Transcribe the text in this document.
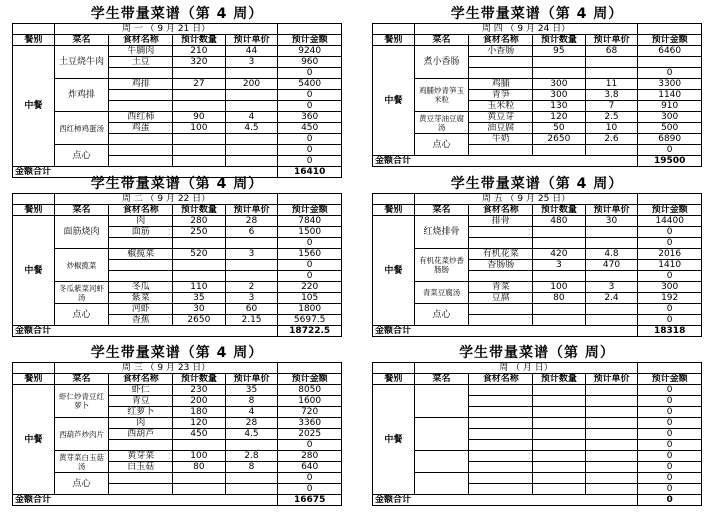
学生带量菜谱（第 4 周）
	周 一 （ 9 月 21 日）				
餐别	菜名	食材名称	预计数量	预计单价	预计金额
中餐	土豆烧牛肉	牛腩肉	210	44	9240
		土豆	320	3	960
					0
	炸鸡排	鸡排	27	200	5400
					0
					0
	西红柿鸡蛋汤	西红柿	90	4	360
		鸡蛋	100	4.5	450
					0
	点心				0
					0
金额合计					16410
学生带量菜谱（第 4 周）
	周 四 （ 9 月 24 日）				
餐别	菜名	食材名称	预计数量	预计单价	预计金额
中餐	煮小香肠	小香肠	95	68	6460

					0
	鸡脯炒青笋玉米粒	鸡脯	300	11	3300
		青笋	300	3.8	1140
		玉米粒	130	7	910
	黄豆芽油豆腐汤	黄豆芽	120	2.5	300
		油豆腐	50	10	500
	点心	牛奶	2650	2.6	6890
					0
金额合计					19500
学生带量菜谱（第 4 周）
	周 二 （ 9 月 22 日）				
餐别	菜名	食材名称	预计数量	预计单价	预计金额
中餐	面筋烧肉	肉	280	28	7840
		面筋	250	6	1500
					0
	炒椒揽菜	椒揽菜	520	3	1560
					0
					0
	冬瓜紫菜河虾汤	冬瓜	110	2	220
		紫菜	35	3	105
	点心	河虾	30	60	1800
		香蕉	2650	2.15	5697.5
金额合计					18722.5
学生带量菜谱（第 4 周）
	周 五 （ 9 月 25 日）				
餐别	菜名	食材名称	预计数量	预计单价	预计金额
中餐	红烧排骨	排骨	480	30	14400
					0
					0
	有机花菜炒香肠肠	有机花菜	420	4.8	2016
		香肠肠	3	470	1410
					0
	青菜豆腐汤	青菜	100	3	300
		豆腐	80	2.4	192
	点心				0
					0
金额合计					18318
学生带量菜谱（第 4 周）
	周 三 （ 9 月 23 日）				
餐别	菜名	食材名称	预计数量	预计单价	预计金额
中餐	虾仁炒青豆红萝卜	虾仁	230	35	8050
		青豆	200	8	1600
		红萝卜	180	4	720
	西葫芦炒肉片	肉	120	28	3360
		西葫芦	450	4.5	2025
					0
	黄芽菜白玉菇汤	黄芽菜	100	2.8	280
		白玉菇	80	8	640
	点心				0
					0
金额合计					16675
学生带量菜谱（第 周）
	周 （ 月 日）				
餐别	菜名	食材名称	预计数量	预计单价	预计金额
中餐					0
					0
					0
					0
					0
					0
					0
					0
					0
					0
金额合计					0
